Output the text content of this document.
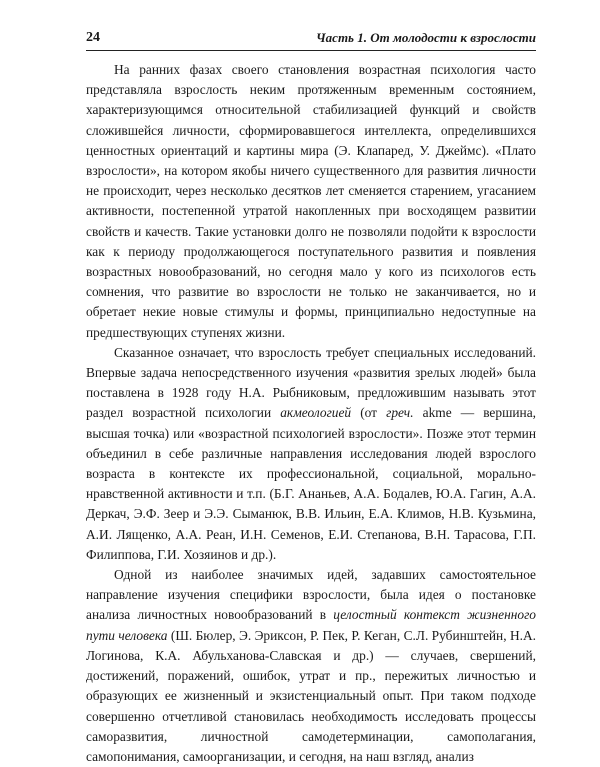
24	Часть 1. От молодости к взрослости

На ранних фазах своего становления возрастная психология часто представляла взрослость неким протяженным временным состоянием, характеризующимся относительной стабилизацией функций и свойств сложившейся личности, сформировавшегося интеллекта, определившихся ценностных ориентаций и картины мира (Э. Клапаред, У. Джеймс). «Плато взрослости», на котором якобы ничего существенного для развития личности не происходит, через несколько десятков лет сменяется старением, угасанием активности, постепенной утратой накопленных при восходящем развитии свойств и качеств. Такие установки долго не позволяли подойти к взрослости как к периоду продолжающегося поступательного развития и появления возрастных новообразований, но сегодня мало у кого из психологов есть сомнения, что развитие во взрослости не только не заканчивается, но и обретает некие новые стимулы и формы, принципиально недоступные на предшествующих ступенях жизни.

Сказанное означает, что взрослость требует специальных исследований. Впервые задача непосредственного изучения «развития зрелых людей» была поставлена в 1928 году Н.А. Рыбниковым, предложившим называть этот раздел возрастной психологии акмеологией (от греч. akme — вершина, высшая точка) или «возрастной психологией взрослости». Позже этот термин объединил в себе различные направления исследования людей взрослого возраста в контексте их профессиональной, социальной, морально-нравственной активности и т.п. (Б.Г. Ананьев, А.А. Бодалев, Ю.А. Гагин, А.А. Деркач, Э.Ф. Зеер и Э.Э. Сыманюк, В.В. Ильин, Е.А. Климов, Н.В. Кузьмина, А.И. Лященко, А.А. Реан, И.Н. Семенов, Е.И. Степанова, В.Н. Тарасова, Г.П. Филиппова, Г.И. Хозяинов и др.).

Одной из наиболее значимых идей, задавших самостоятельное направление изучения специфики взрослости, была идея о постановке анализа личностных новообразований в целостный контекст жизненного пути человека (Ш. Бюлер, Э. Эриксон, Р. Пек, Р. Кеган, С.Л. Рубинштейн, Н.А. Логинова, К.А. Абульханова-Славская и др.) — случаев, свершений, достижений, поражений, ошибок, утрат и пр., пережитых личностью и образующих ее жизненный и экзистенциальный опыт. При таком подходе совершенно отчетливой становилась необходимость исследовать процессы саморазвития, личностной самодетерминации, самополагания, самопонимания, самоорганизации, и сегодня, на наш взгляд, анализ
